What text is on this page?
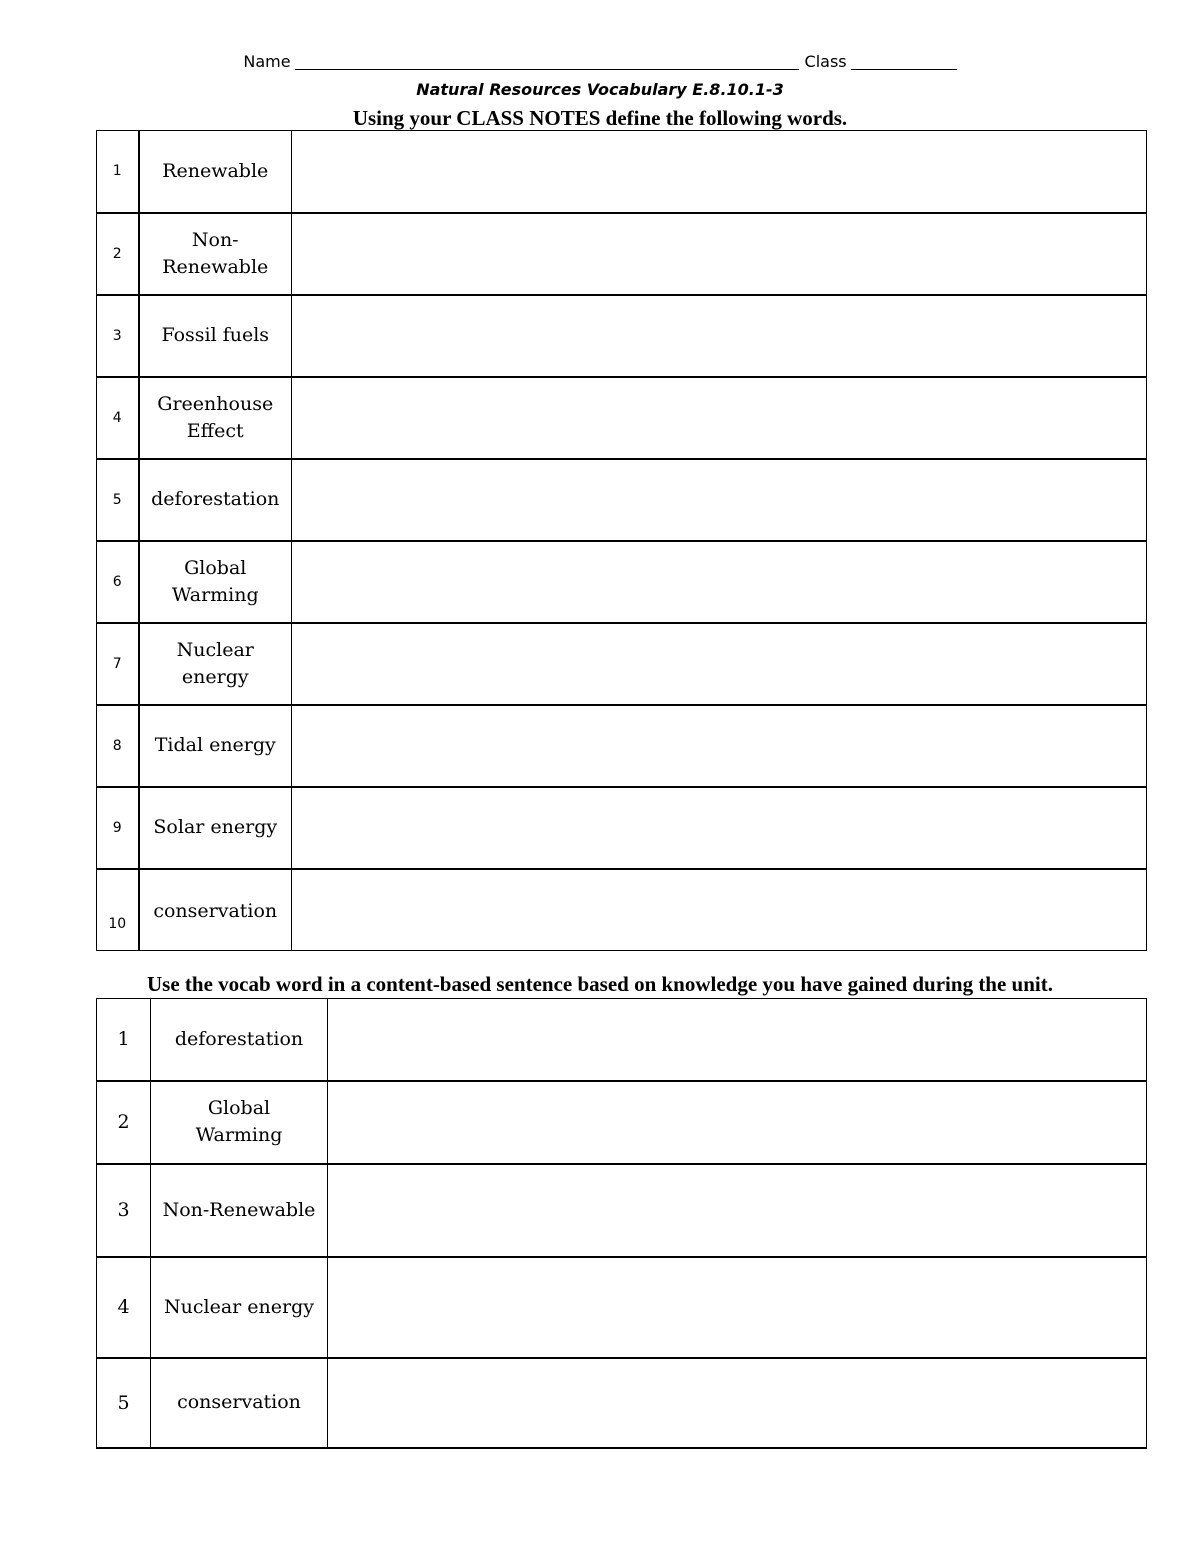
Name	Class
Natural Resources Vocabulary E.8.10.1-3
Using your CLASS NOTES define the following words.
1	Renewable	
2	Non-
Renewable	
3	Fossil fuels	
4	Greenhouse
Effect	
5	deforestation	
6	Global
Warming	
7	Nuclear
energy	
8	Tidal energy	
9	Solar energy	
10	conservation	
Use the vocab word in a content-based sentence based on knowledge you have gained during the unit.
1	deforestation	
2	Global
Warming	
3	Non-Renewable	
4	Nuclear energy	
5	conservation	
